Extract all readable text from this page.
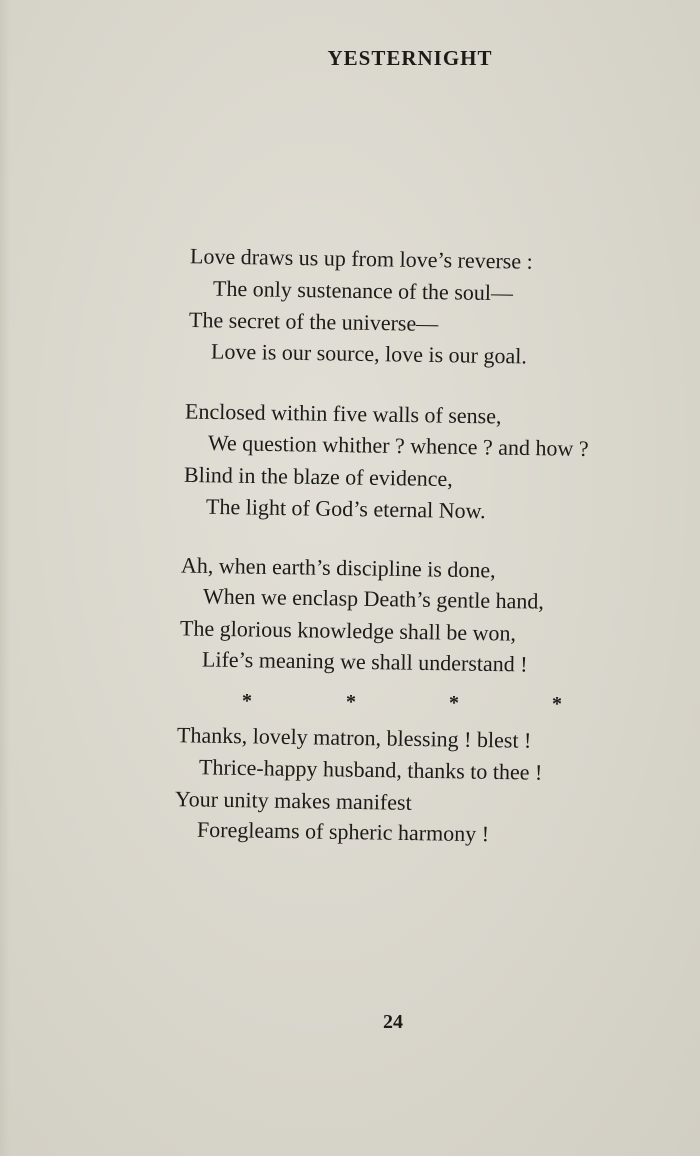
YESTERNIGHT
Love draws us up from love’s reverse :
The only sustenance of the soul—
The secret of the universe—
Love is our source, love is our goal.
Enclosed within five walls of sense,
We question whither ? whence ? and how ?
Blind in the blaze of evidence,
The light of God’s eternal Now.
Ah, when earth’s discipline is done,
When we enclasp Death’s gentle hand,
The glorious knowledge shall be won,
Life’s meaning we shall understand !
Thanks, lovely matron, blessing ! blest !
Thrice-happy husband, thanks to thee !
Your unity makes manifest
Foregleams of spheric harmony !
*	*	*	*
24
